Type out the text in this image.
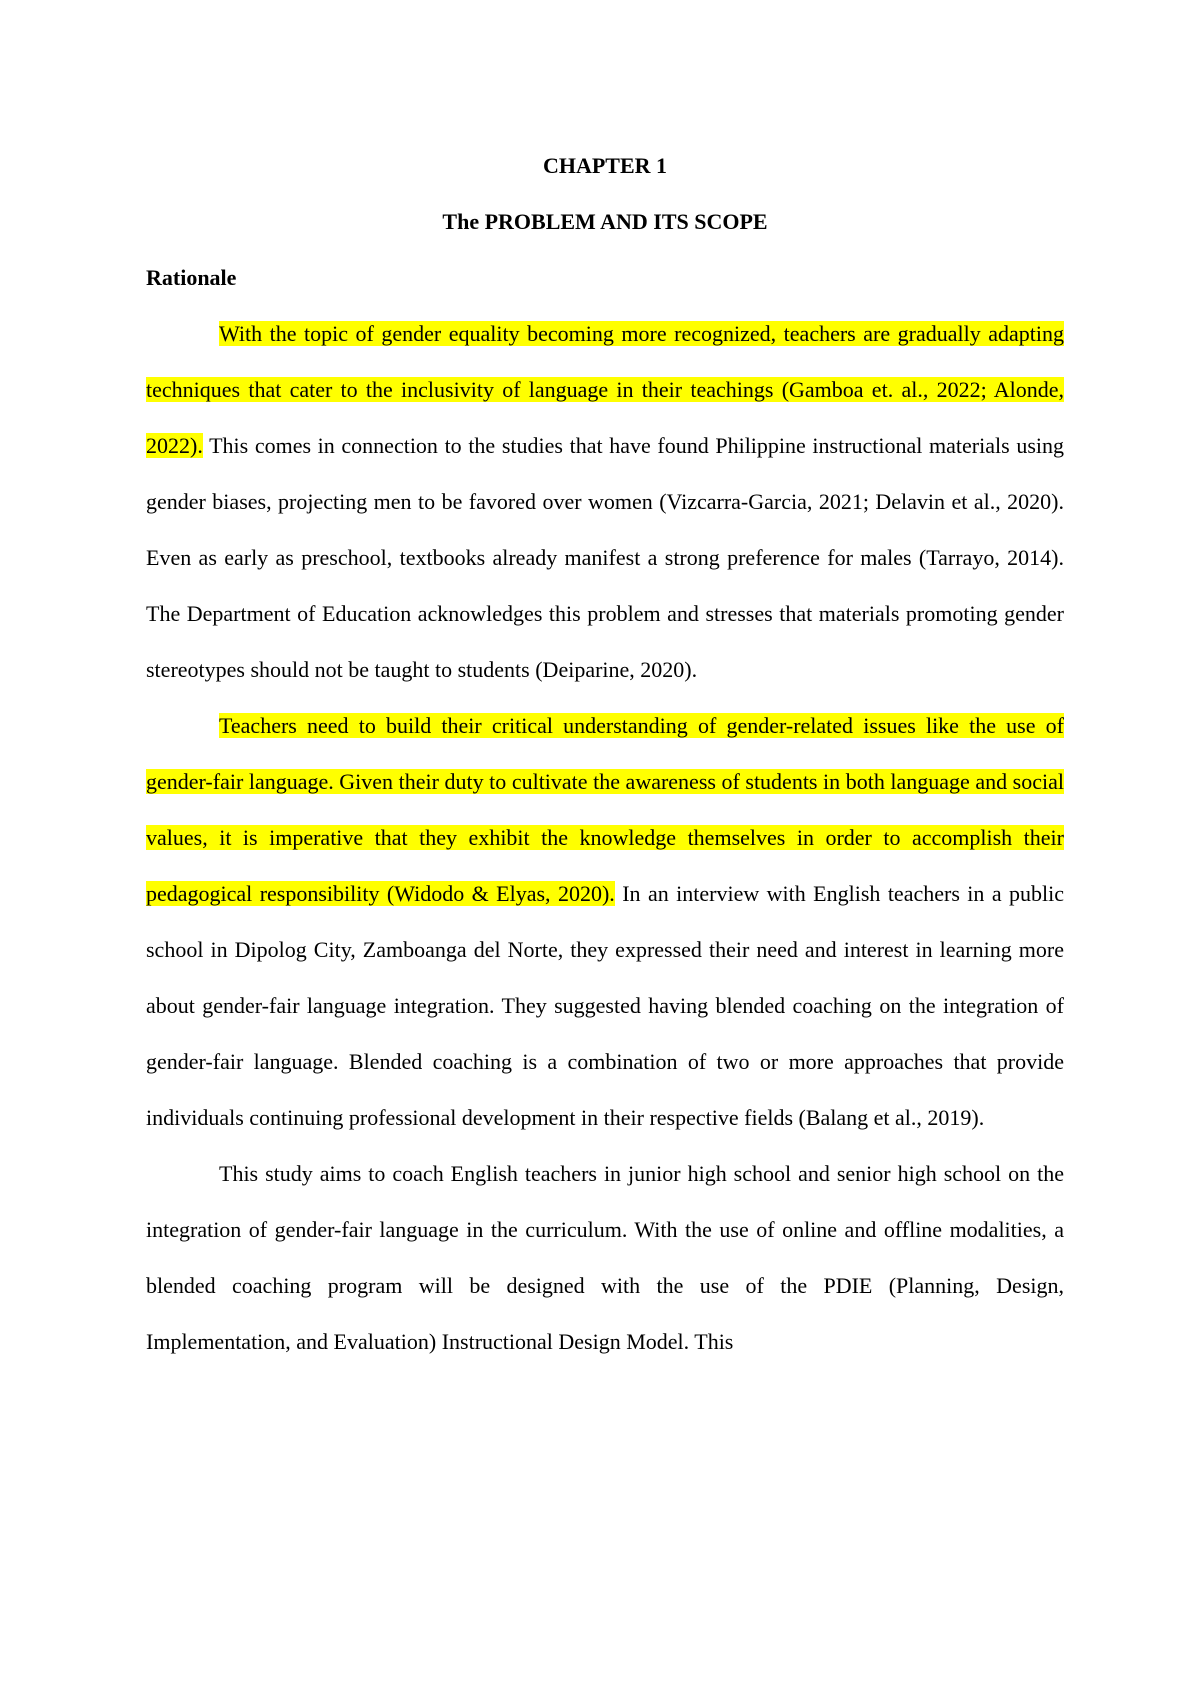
CHAPTER 1

The PROBLEM AND ITS SCOPE

Rationale

With the topic of gender equality becoming more recognized, teachers are gradually adapting techniques that cater to the inclusivity of language in their teachings (Gamboa et. al., 2022; Alonde, 2022). This comes in connection to the studies that have found Philippine instructional materials using gender biases, projecting men to be favored over women (Vizcarra-Garcia, 2021; Delavin et al., 2020). Even as early as preschool, textbooks already manifest a strong preference for males (Tarrayo, 2014). The Department of Education acknowledges this problem and stresses that materials promoting gender stereotypes should not be taught to students (Deiparine, 2020).

Teachers need to build their critical understanding of gender-related issues like the use of gender-fair language. Given their duty to cultivate the awareness of students in both language and social values, it is imperative that they exhibit the knowledge themselves in order to accomplish their pedagogical responsibility (Widodo & Elyas, 2020). In an interview with English teachers in a public school in Dipolog City, Zamboanga del Norte, they expressed their need and interest in learning more about gender-fair language integration. They suggested having blended coaching on the integration of gender-fair language. Blended coaching is a combination of two or more approaches that provide individuals continuing professional development in their respective fields (Balang et al., 2019).

This study aims to coach English teachers in junior high school and senior high school on the integration of gender-fair language in the curriculum. With the use of online and offline modalities, a blended coaching program will be designed with the use of the PDIE (Planning, Design, Implementation, and Evaluation) Instructional Design Model. This
